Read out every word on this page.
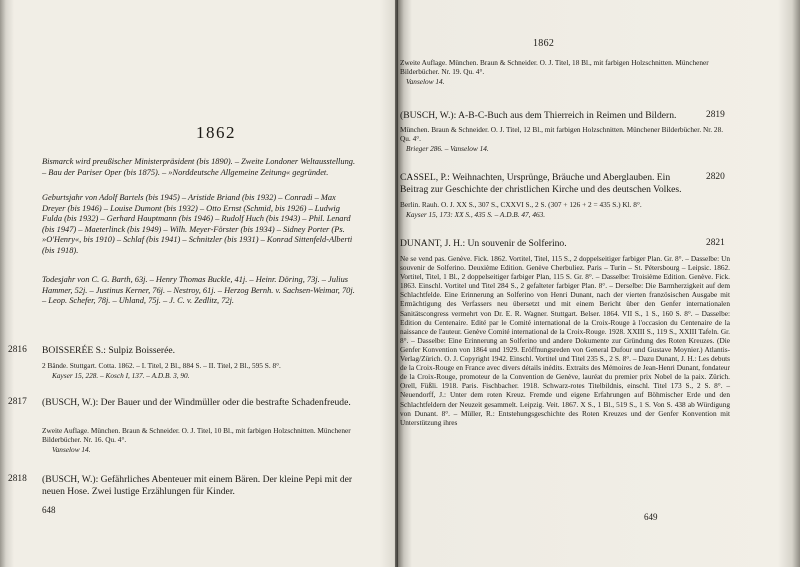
1862

Bismarck wird preußischer Ministerpräsident (bis 1890). – Zweite Londoner Weltausstellung. – Bau der Pariser Oper (bis 1875). – »Norddeutsche Allgemeine Zeitung« gegründet.

Geburtsjahr von Adolf Bartels (bis 1945) – Aristide Briand (bis 1932) – Conradi – Max Dreyer (bis 1946) – Louise Dumont (bis 1932) – Otto Ernst (Schmid, bis 1926) – Ludwig Fulda (bis 1932) – Gerhard Hauptmann (bis 1946) – Rudolf Huch (bis 1943) – Phil. Lenard (bis 1947) – Maeterlinck (bis 1949) – Wilh. Meyer-Förster (bis 1934) – Sidney Porter (Ps. »O'Henry«, bis 1910) – Schlaf (bis 1941) – Schnitzler (bis 1931) – Konrad Sittenfeld-Alberti (bis 1918).

Todesjahr von C. G. Barth, 63j. – Henry Thomas Buckle, 41j. – Heinr. Döring, 73j. – Julius Hammer, 52j. – Justinus Kerner, 76j. – Nestroy, 61j. – Herzog Bernh. v. Sachsen-Weimar, 70j. – Leop. Schefer, 78j. – Uhland, 75j. – J. C. v. Zedlitz, 72j.

2816 BOISSERÉE S.: Sulpiz Boisserée.

2 Bände. Stuttgart. Cotta. 1862. – I. Titel, 2 Bl., 884 S. – II. Titel, 2 Bl., 595 S. 8°.

Kayser 15, 228. – Kosch I, 137. – A.D.B. 3, 90.

2817 (BUSCH, W.): Der Bauer und der Windmüller oder die bestrafte Schadenfreude.

Zweite Auflage. München. Braun & Schneider. O. J. Titel, 10 Bl., mit farbigen Holzschnitten. Münchener Bilderbücher. Nr. 16. Qu. 4°.

Vanselow 14.

2818 (BUSCH, W.): Gefährliches Abenteuer mit einem Bären. Der kleine Pepi mit der neuen Hose. Zwei lustige Erzählungen für Kinder.

648
1862

Zweite Auflage. München. Braun & Schneider. O. J. Titel, 18 Bl., mit farbigen Holzschnitten. Münchener Bilderbücher. Nr. 19. Qu. 4°.

Vanselow 14.

(BUSCH, W.): A-B-C-Buch aus dem Thierreich in Reimen und Bildern.	2819

München. Braun & Schneider. O. J. Titel, 12 Bl., mit farbigen Holzschnitten. Münchener Bilderbücher. Nr. 28. Qu. 4°.

Brieger 286. – Vanselow 14.

CASSEL, P.: Weihnachten, Ursprünge, Bräuche und Aberglauben. Ein Beitrag zur Geschichte der christlichen Kirche und des deutschen Volkes.

2820

Berlin. Rauh. O. J. XX S., 307 S., CXXVI S., 2 S. (307 + 126 + 2 = 435 S.) Kl. 8°.

Kayser 15, 173: XX S., 435 S. – A.D.B. 47, 463.

DUNANT, J. H.: Un souvenir de Solferino.	2821

Ne se vend pas. Genève. Fick. 1862. Vortitel, Titel, 115 S., 2 doppelseitiger farbiger Plan. Gr. 8°. – Dasselbe: Un souvenir de Solferino. Deuxième Edition. Genève Cherbuliez. Paris – Turin – St. Pétersbourg – Leipsic. 1862. Vortitel, Titel, 1 Bl., 2 doppelseitiger farbiger Plan, 115 S. Gr. 8°. – Dasselbe: Troisième Edition. Genève. Fick. 1863. Einschl. Vortitel und Titel 284 S., 2 gefalteter farbiger Plan. 8°. – Derselbe: Die Barmherzigkeit auf dem Schlachtfelde. Eine Erinnerung an Solferino von Henri Dunant, nach der vierten französischen Ausgabe mit Ermächtigung des Verfassers neu übersetzt und mit einem Bericht über den Genfer internationalen Sanitätscongress vermehrt von Dr. E. R. Wagner. Stuttgart. Belser. 1864. VII S., 1 S., 160 S. 8°. – Dasselbe: Edition du Centenaire. Edité par le Comité international de la Croix-Rouge à l'occasion du Centenaire de la naissance de l'auteur. Genève Comité international de la Croix-Rouge. 1928. XXIII S., 119 S., XXIII Tafeln. Gr. 8°. – Dasselbe: Eine Erinnerung an Solferino und andere Dokumente zur Gründung des Roten Kreuzes. (Die Genfer Konvention von 1864 und 1929. Eröffnungsreden von General Dufour und Gustave Moynier.) Atlantis-Verlag/Zürich. O. J. Copyright 1942. Einschl. Vortitel und Titel 235 S., 2 S. 8°. – Dazu Dunant, J. H.: Les debuts de la Croix-Rouge en France avec divers détails inédits. Extraits des Mémoires de Jean-Henri Dunant, fondateur de la Croix-Rouge, promoteur de la Convention de Genève, lauréat du premier prix Nobel de la paix. Zürich. Orell, Füßli. 1918. Paris. Fischbacher. 1918. Schwarz-rotes Titelbildnis, einschl. Titel 173 S., 2 S. 8°. – Neuendorff, J.: Unter dem roten Kreuz. Fremde und eigene Erfahrungen auf Böhmischer Erde und den Schlachtfeldern der Neuzeit gesammelt. Leipzig. Veit. 1867. X S., 1 Bl., 519 S., 1 S. Von S. 438 ab Würdigung von Dunant. 8°. – Müller, R.: Entstehungsgeschichte des Roten Kreuzes und der Genfer Konvention mit Unterstützung ihres

649
